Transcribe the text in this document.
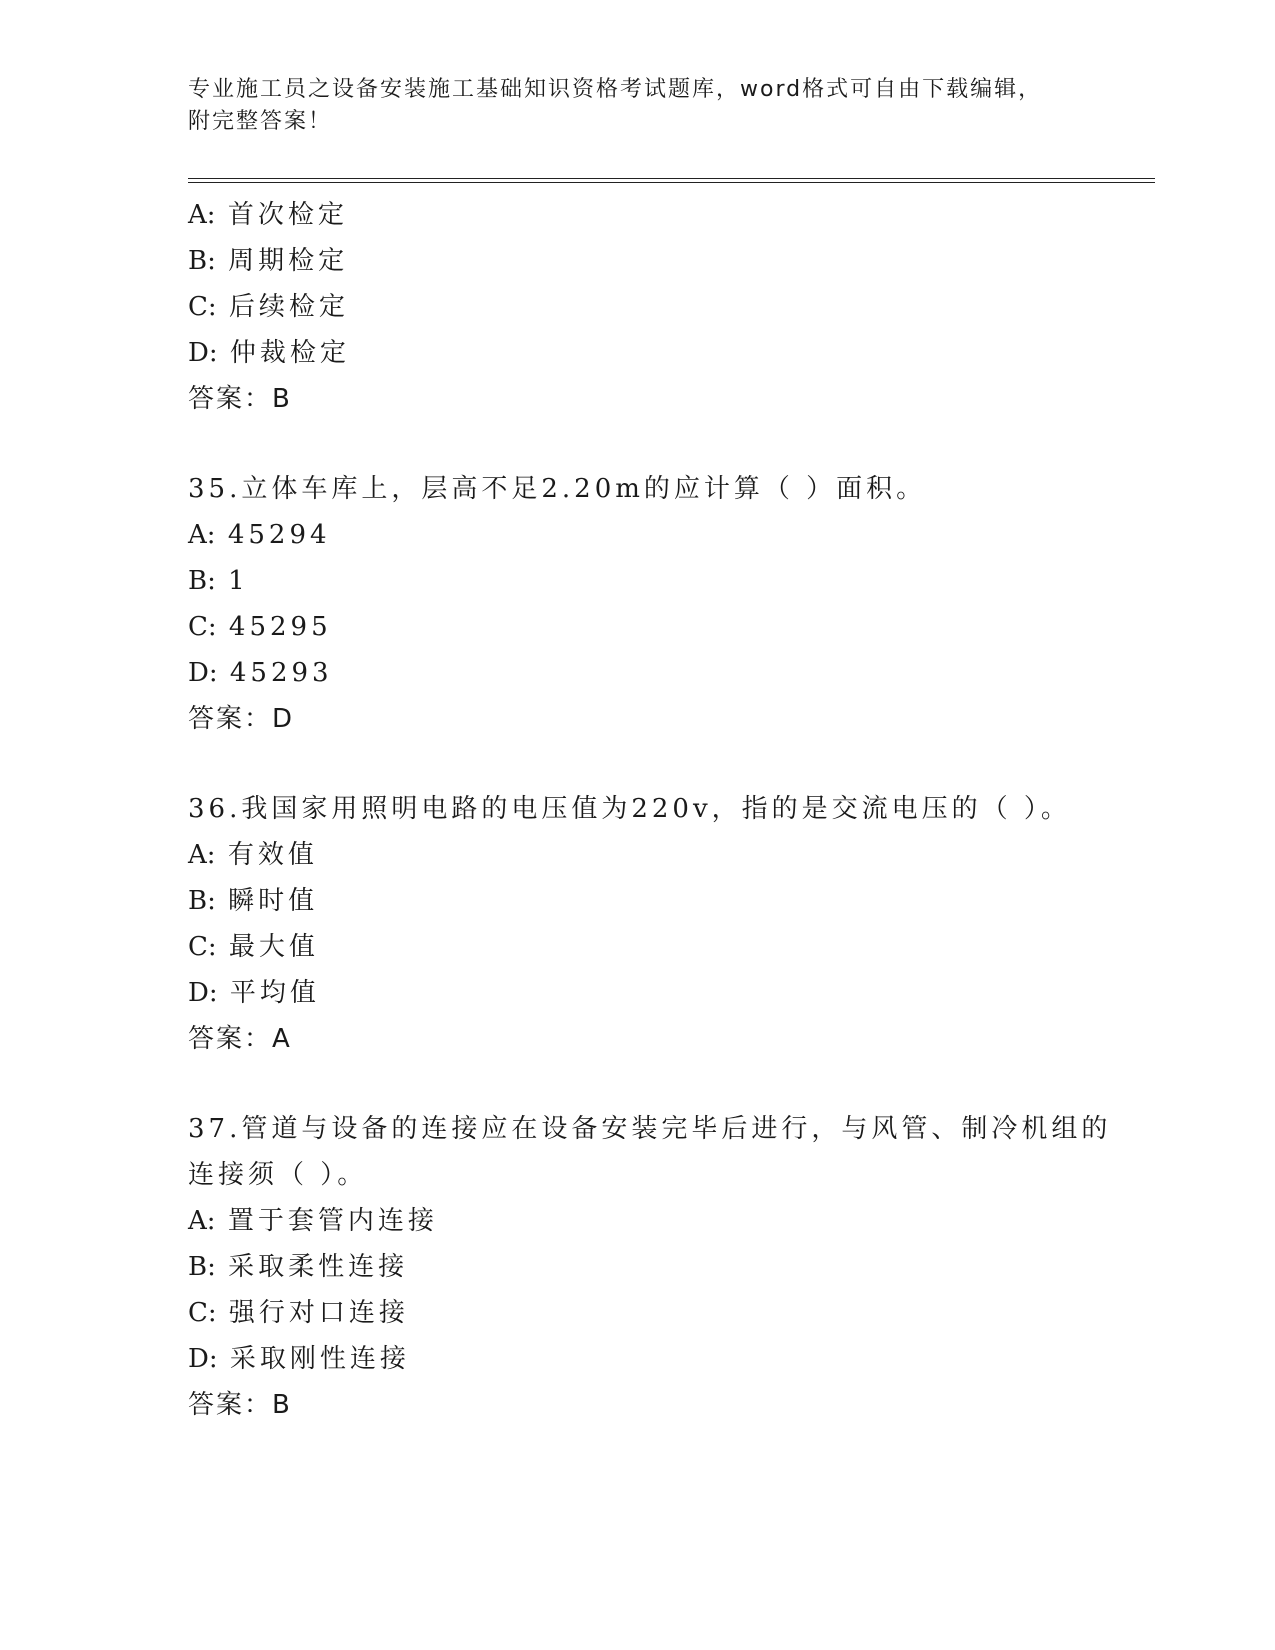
专业施工员之设备安装施工基础知识资格考试题库，word格式可自由下载编辑，
附完整答案！
A: 首次检定
B: 周期检定
C: 后续检定
D: 仲裁检定
答案：B
35.立体车库上，层高不足2.20m的应计算（ ）面积。
A: 45294
B: 1
C: 45295
D: 45293
答案：D
36.我国家用照明电路的电压值为220v，指的是交流电压的（ ）。
A: 有效值
B: 瞬时值
C: 最大值
D: 平均值
答案：A
37.管道与设备的连接应在设备安装完毕后进行，与风管、制冷机组的
连接须（ ）。
A: 置于套管内连接
B: 采取柔性连接
C: 强行对口连接
D: 采取刚性连接
答案：B
